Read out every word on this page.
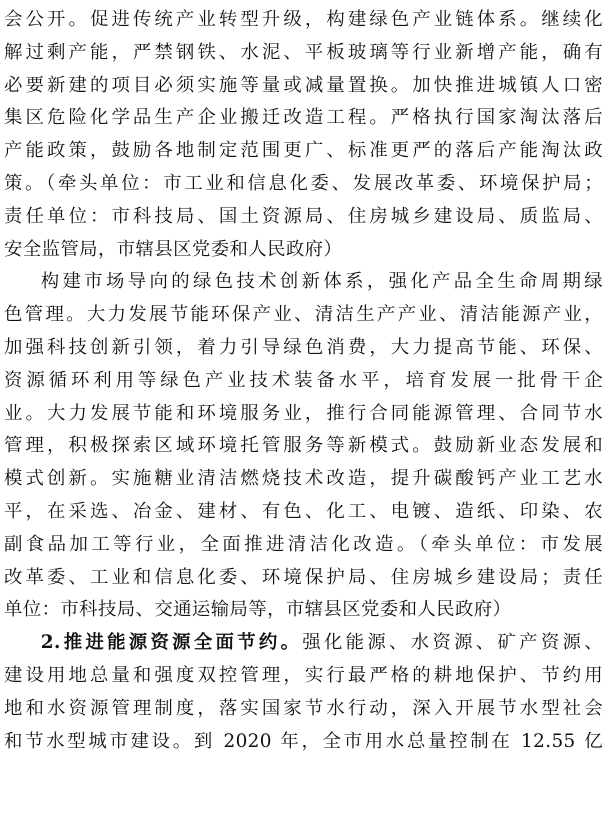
会公开。促进传统产业转型升级，构建绿色产业链体系。继续化
解过剩产能，严禁钢铁、水泥、平板玻璃等行业新增产能，确有
必要新建的项目必须实施等量或减量置换。加快推进城镇人口密
集区危险化学品生产企业搬迁改造工程。严格执行国家淘汰落后
产能政策，鼓励各地制定范围更广、标准更严的落后产能淘汰政
策。（牵头单位：市工业和信息化委、发展改革委、环境保护局；
责任单位：市科技局、国土资源局、住房城乡建设局、质监局、
安全监管局，市辖县区党委和人民政府）
构建市场导向的绿色技术创新体系，强化产品全生命周期绿
色管理。大力发展节能环保产业、清洁生产产业、清洁能源产业，
加强科技创新引领，着力引导绿色消费，大力提高节能、环保、
资源循环利用等绿色产业技术装备水平，培育发展一批骨干企
业。大力发展节能和环境服务业，推行合同能源管理、合同节水
管理，积极探索区域环境托管服务等新模式。鼓励新业态发展和
模式创新。实施糖业清洁燃烧技术改造，提升碳酸钙产业工艺水
平，在采选、冶金、建材、有色、化工、电镀、造纸、印染、农
副食品加工等行业，全面推进清洁化改造。（牵头单位：市发展
改革委、工业和信息化委、环境保护局、住房城乡建设局；责任
单位：市科技局、交通运输局等，市辖县区党委和人民政府）
2.推进能源资源全面节约。强化能源、水资源、矿产资源、
建设用地总量和强度双控管理，实行最严格的耕地保护、节约用
地和水资源管理制度，落实国家节水行动，深入开展节水型社会
和节水型城市建设。到 2020 年，全市用水总量控制在 12.55 亿
